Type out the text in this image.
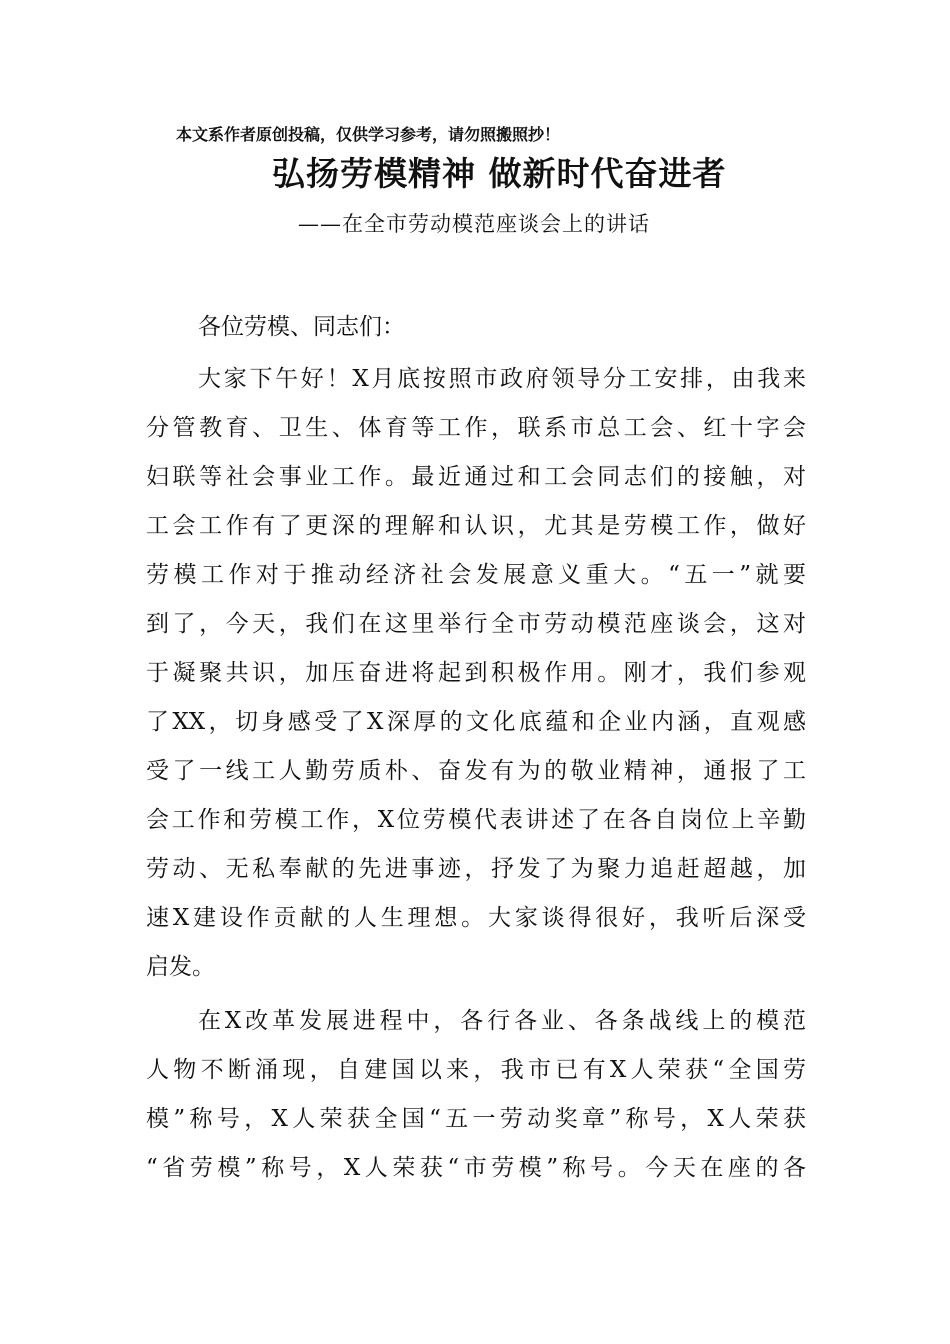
本文系作者原创投稿，仅供学习参考，请勿照搬照抄！
弘扬劳模精神 做新时代奋进者
——在全市劳动模范座谈会上的讲话
各位劳模、同志们：
大家下午好！X月底按照市政府领导分工安排，由我来
分管教育、卫生、体育等工作，联系市总工会、红十字会
妇联等社会事业工作。最近通过和工会同志们的接触，对
工会工作有了更深的理解和认识，尤其是劳模工作，做好
劳模工作对于推动经济社会发展意义重大。“五一”就要
到了，今天，我们在这里举行全市劳动模范座谈会，这对
于凝聚共识，加压奋进将起到积极作用。刚才，我们参观
了XX，切身感受了X深厚的文化底蕴和企业内涵，直观感
受了一线工人勤劳质朴、奋发有为的敬业精神，通报了工
会工作和劳模工作，X位劳模代表讲述了在各自岗位上辛勤
劳动、无私奉献的先进事迹，抒发了为聚力追赶超越，加
速X建设作贡献的人生理想。大家谈得很好，我听后深受
启发。
在X改革发展进程中，各行各业、各条战线上的模范
人物不断涌现，自建国以来，我市已有X人荣获“全国劳
模”称号，X人荣获全国“五一劳动奖章”称号，X人荣获
“省劳模”称号，X人荣获“市劳模”称号。今天在座的各
